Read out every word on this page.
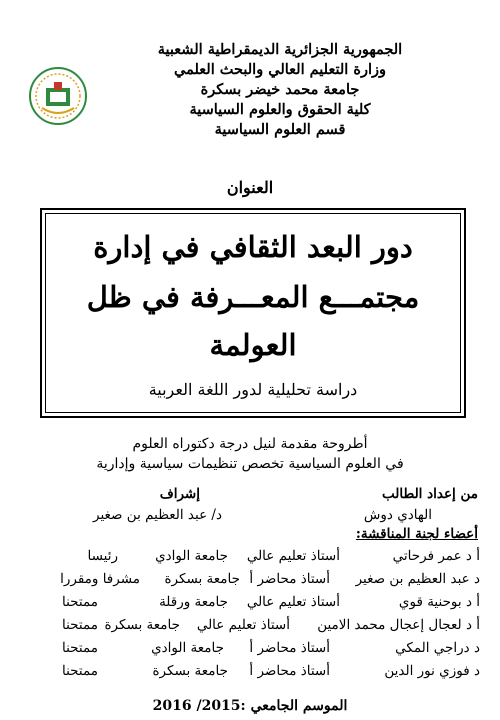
الجمهورية الجزائرية الديمقراطية الشعبية
وزارة التعليم العالي والبحث العلمي
جامعة محمد خيضر بسكرة
كلية الحقوق والعلوم السياسية
قسم العلوم السياسية
العنوان
دور البعد الثقافي في إدارة
مجتمـــع المعـــرفة في ظل
العولمة
دراسة تحليلية لدور اللغة العربية
أطروحة مقدمة لنيل درجة دكتوراه العلوم
في العلوم السياسية تخصص تنظيمات سياسية وإدارية
من إعداد الطالب
إشراف
الهادي دوش
د/ عبد العظيم بن صغير
أعضاء لجنة المناقشة:
أ د عمر فرحاتي
أستاذ تعليم عالي
جامعة الوادي
رئيسا
د عبد العظيم بن صغير
أستاذ محاضر أ
جامعة بسكرة
مشرفا ومقررا
أ د بوحنية قوي
أستاذ تعليم عالي
جامعة ورقلة
ممتحنا
أ د لعجال إعجال محمد الامين
أستاذ تعليم عالي
جامعة بسكرة
ممتحنا
د دراجي المكي
أستاذ محاضر أ
جامعة الوادي
ممتحنا
د فوزي نور الدين
أستاذ محاضر أ
جامعة بسكرة
ممتحنا
الموسم الجامعي :2015/ 2016
